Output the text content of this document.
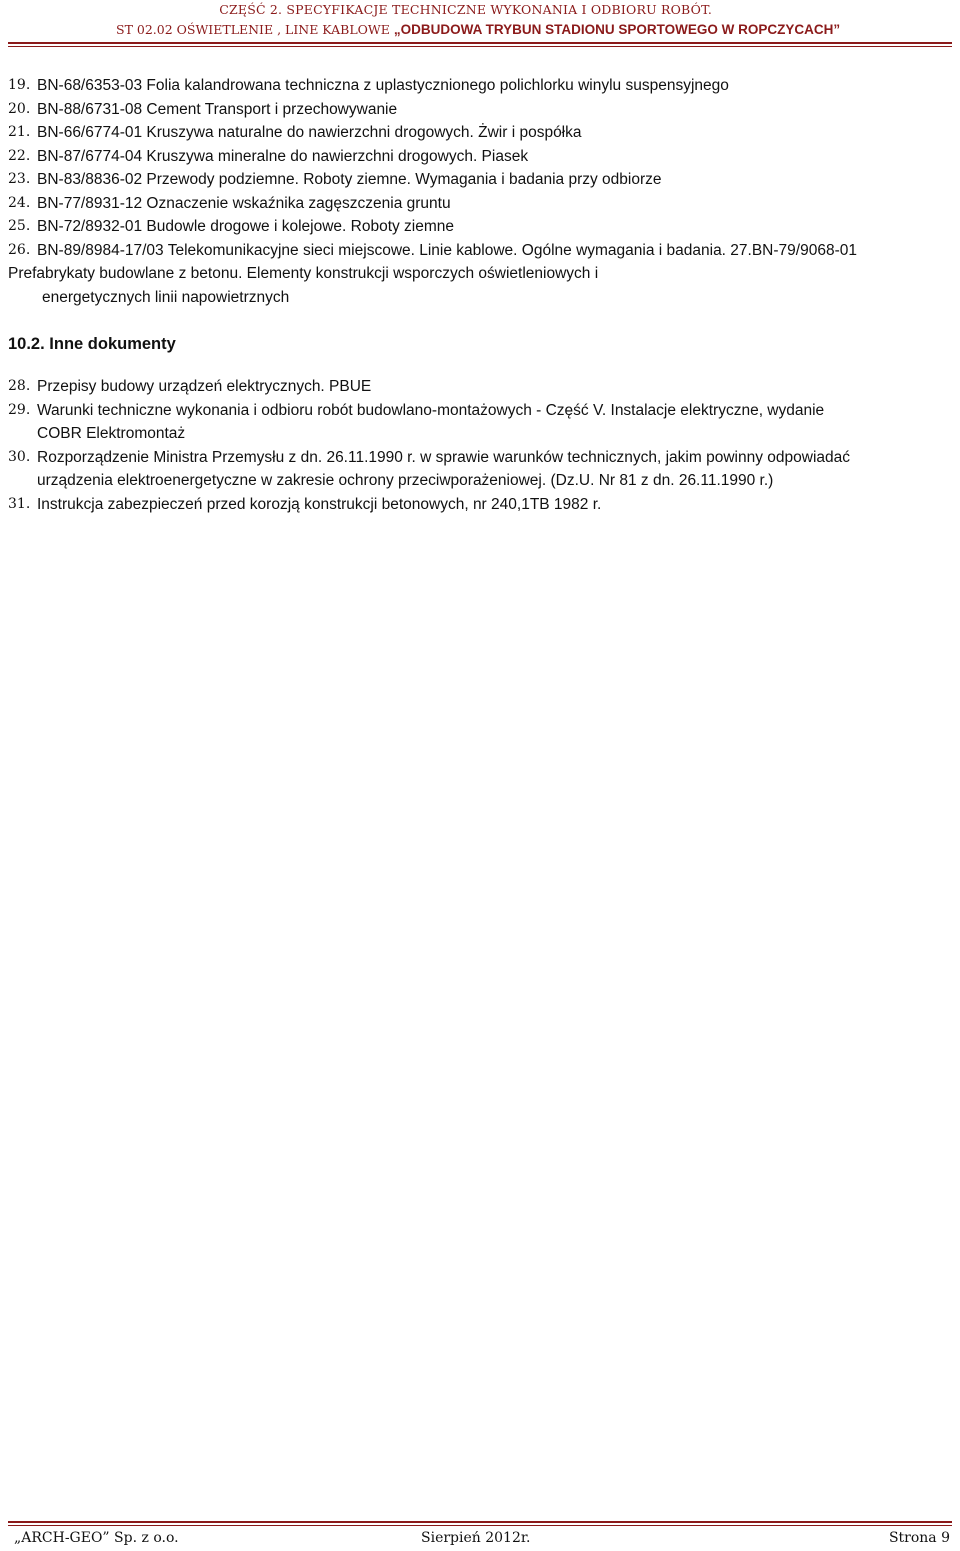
CZĘŚĆ 2. SPECYFIKACJE TECHNICZNE WYKONANIA I ODBIORU ROBÓT.
ST 02.02 OŚWIETLENIE , LINE KABLOWE „ODBUDOWA TRYBUN STADIONU SPORTOWEGO W ROPCZYCACH”
19. BN-68/6353-03 Folia kalandrowana techniczna z uplastycznionego polichlorku winylu suspensyjnego
20. BN-88/6731-08 Cement Transport i przechowywanie
21. BN-66/6774-01 Kruszywa naturalne do nawierzchni drogowych. Żwir i pospółka
22. BN-87/6774-04 Kruszywa mineralne do nawierzchni drogowych. Piasek
23. BN-83/8836-02 Przewody podziemne. Roboty ziemne. Wymagania i badania przy odbiorze
24. BN-77/8931-12 Oznaczenie wskaźnika zagęszczenia gruntu
25. BN-72/8932-01 Budowle drogowe i kolejowe. Roboty ziemne
26. BN-89/8984-17/03 Telekomunikacyjne sieci miejscowe. Linie kablowe. Ogólne wymagania i badania. 27.BN-79/9068-01
Prefabrykaty budowlane z betonu. Elementy konstrukcji wsporczych oświetleniowych i
energetycznych linii napowietrznych
10.2. Inne dokumenty
28. Przepisy budowy urządzeń elektrycznych. PBUE
29. Warunki techniczne wykonania i odbioru robót budowlano-montażowych - Część V. Instalacje elektryczne, wydanie
COBR Elektromontaż
30. Rozporządzenie Ministra Przemysłu z dn. 26.11.1990 r. w sprawie warunków technicznych, jakim powinny odpowiadać
urządzenia elektroenergetyczne w zakresie ochrony przeciwporażeniowej. (Dz.U. Nr 81 z dn. 26.11.1990 r.)
31. Instrukcja zabezpieczeń przed korozją konstrukcji betonowych, nr 240,1TB 1982 r.
„ARCH-GEO” Sp. z o.o.	Sierpień 2012r.	Strona 9
